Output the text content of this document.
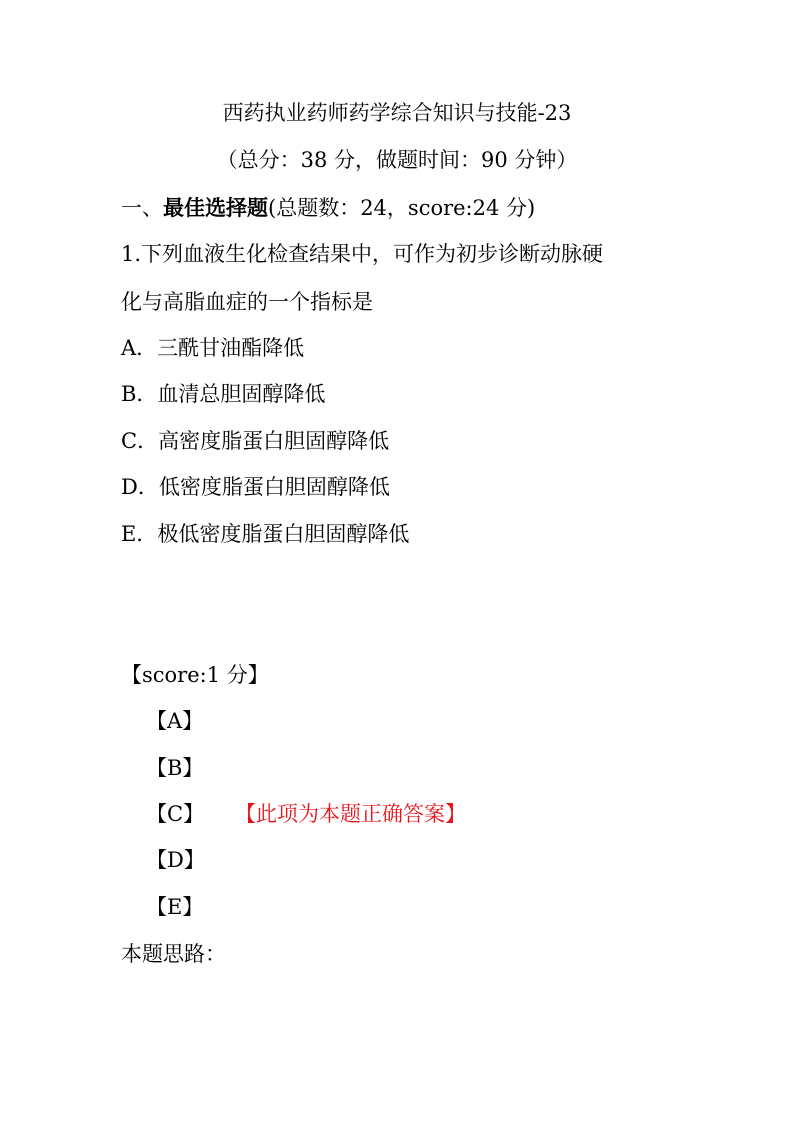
西药执业药师药学综合知识与技能-23
（总分：38 分，做题时间：90 分钟）
一、最佳选择题(总题数：24，score:24 分)
1.下列血液生化检查结果中，可作为初步诊断动脉硬
化与高脂血症的一个指标是
A．三酰甘油酯降低
B．血清总胆固醇降低
C．高密度脂蛋白胆固醇降低
D．低密度脂蛋白胆固醇降低
E．极低密度脂蛋白胆固醇降低
【score:1 分】
【A】
【B】
【C】 【此项为本题正确答案】
【D】
【E】
本题思路：
